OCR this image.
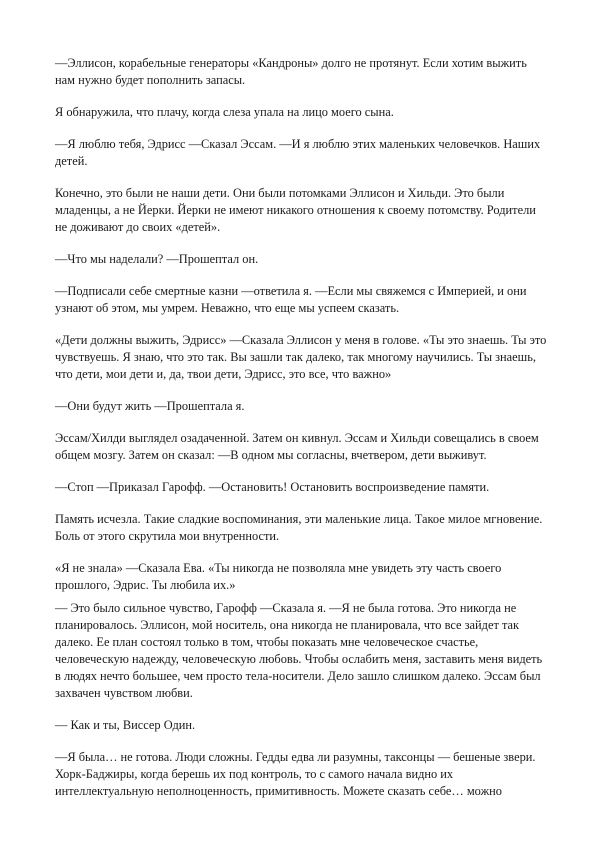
—Эллисон, корабельные генераторы «Кандроны» долго не протянут. Если хотим выжить
нам нужно будет пополнить запасы.

Я обнаружила, что плачу, когда слеза упала на лицо моего сына.

—Я люблю тебя, Эдрисс —Сказал Эссам. —И я люблю этих маленьких человечков. Наших
детей.

Конечно, это были не наши дети. Они были потомками Эллисон и Хильди. Это были
младенцы, а не Йерки. Йерки не имеют никакого отношения к своему потомству. Родители
не доживают до своих «детей».

—Что мы наделали? —Прошептал он.

—Подписали себе смертные казни —ответила я. —Если мы свяжемся с Империей, и они
узнают об этом, мы умрем. Неважно, что еще мы успеем сказать.

«Дети должны выжить, Эдрисс» —Сказала Эллисон у меня в голове. «Ты это знаешь. Ты это
чувствуешь. Я знаю, что это так. Вы зашли так далеко, так многому научились. Ты знаешь,
что дети, мои дети и, да, твои дети, Эдрисс, это все, что важно»

—Они будут жить —Прошептала я.

Эссам/Хилди выглядел озадаченной. Затем он кивнул. Эссам и Хильди совещались в своем
общем мозгу. Затем он сказал: —В одном мы согласны, вчетвером, дети выживут.

—Стоп —Приказал Гарофф. —Остановить! Остановить воспроизведение памяти.

Память исчезла. Такие сладкие воспоминания, эти маленькие лица. Такое милое мгновение.
Боль от этого скрутила мои внутренности.

«Я не знала» —Сказала Ева. «Ты никогда не позволяла мне увидеть эту часть своего
прошлого, Эдрис. Ты любила их.»

— Это было сильное чувство, Гарофф —Сказала я. —Я не была готова. Это никогда не
планировалось. Эллисон, мой носитель, она никогда не планировала, что все зайдет так
далеко. Ее план состоял только в том, чтобы показать мне человеческое счастье,
человеческую надежду, человеческую любовь. Чтобы ослабить меня, заставить меня видеть
в людях нечто большее, чем просто тела-носители. Дело зашло слишком далеко. Эссам был
захвачен чувством любви.

— Как и ты, Виссер Один.

—Я была… не готова. Люди сложны. Гедды едва ли разумны, таксонцы — бешеные звери.
Хорк-Баджиры, когда берешь их под контроль, то с самого начала видно их
интеллектуальную неполноценность, примитивность. Можете сказать себе… можно
